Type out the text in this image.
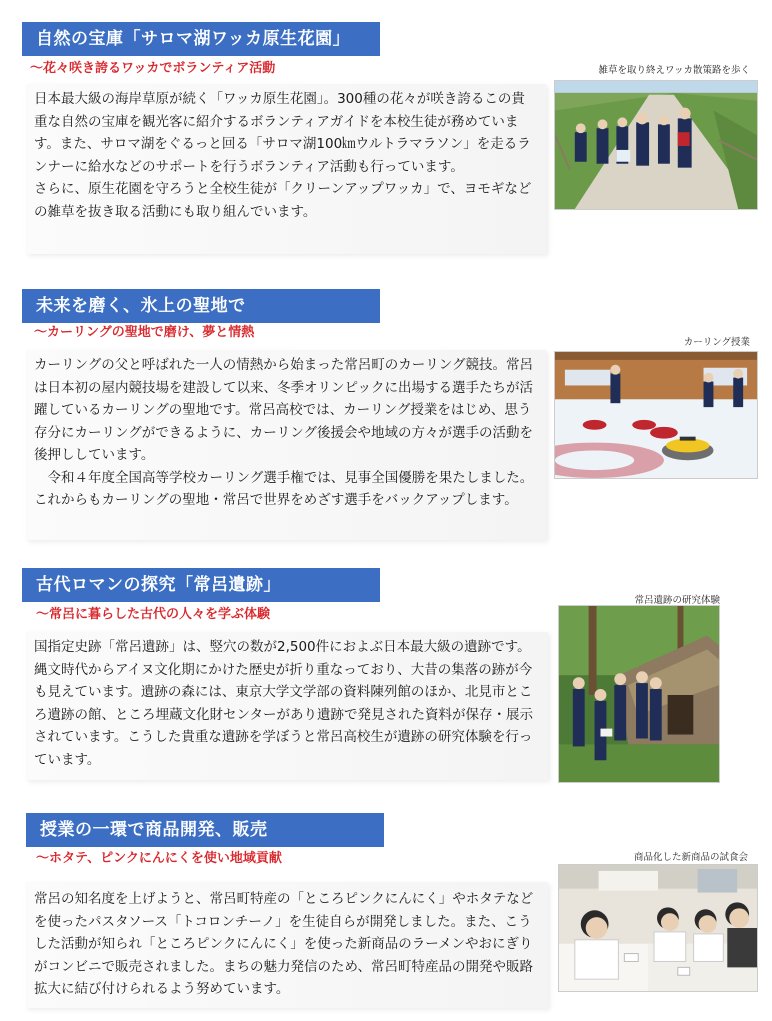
自然の宝庫「サロマ湖ワッカ原生花園」
～花々咲き誇るワッカでボランティア活動

日本最大級の海岸草原が続く「ワッカ原生花園」。300種の花々が咲き誇るこの貴重な自然の宝庫を観光客に紹介するボランティアガイドを本校生徒が務めています。また、サロマ湖をぐるっと回る「サロマ湖100㎞ウルトラマラソン」を走るランナーに給水などのサポートを行うボランティア活動も行っています。

さらに、原生花園を守ろうと全校生徒が「クリーンアップワッカ」で、ヨモギなどの雑草を抜き取る活動にも取り組んでいます。

雑草を取り終えワッカ散策路を歩く
未来を磨く、氷上の聖地で
～カーリングの聖地で磨け、夢と情熱

カーリングの父と呼ばれた一人の情熱から始まった常呂町のカーリング競技。常呂は日本初の屋内競技場を建設して以来、冬季オリンピックに出場する選手たちが活躍しているカーリングの聖地です。常呂高校では、カーリング授業をはじめ、思う存分にカーリングができるように、カーリング後援会や地域の方々が選手の活動を後押ししています。

　令和４年度全国高等学校カーリング選手権では、見事全国優勝を果たしました。これからもカーリングの聖地・常呂で世界をめざす選手をバックアップします。

カーリング授業
古代ロマンの探究「常呂遺跡」
～常呂に暮らした古代の人々を学ぶ体験

国指定史跡「常呂遺跡」は、竪穴の数が2,500件におよぶ日本最大級の遺跡です。縄文時代からアイヌ文化期にかけた歴史が折り重なっており、大昔の集落の跡が今も見えています。遺跡の森には、東京大学文学部の資料陳列館のほか、北見市ところ遺跡の館、ところ埋蔵文化財センターがあり遺跡で発見された資料が保存・展示されています。こうした貴重な遺跡を学ぼうと常呂高校生が遺跡の研究体験を行っています。

常呂遺跡の研究体験
授業の一環で商品開発、販売
～ホタテ、ピンクにんにくを使い地域貢献

常呂の知名度を上げようと、常呂町特産の「ところピンクにんにく」やホタテなどを使ったパスタソース「トコロンチーノ」を生徒自らが開発しました。また、こうした活動が知られ「ところピンクにんにく」を使った新商品のラーメンやおにぎりがコンビニで販売されました。まちの魅力発信のため、常呂町特産品の開発や販路拡大に結び付けられるよう努めています。

商品化した新商品の試食会
